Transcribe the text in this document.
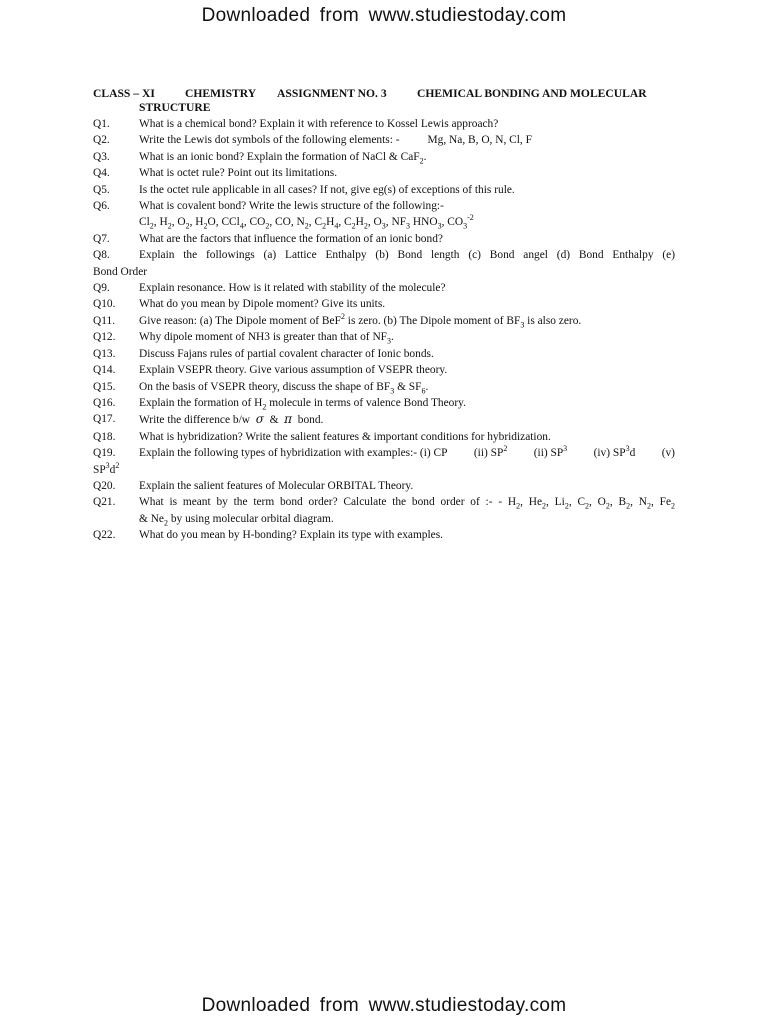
Downloaded from www.studiestoday.com
CLASS – XI	CHEMISTRY	ASSIGNMENT NO. 3	CHEMICAL BONDING AND MOLECULAR
STRUCTURE
Q1.	What is a chemical bond? Explain it with reference to Kossel Lewis approach?
Q2.	Write the Lewis dot symbols of the following elements: - Mg, Na, B, O, N, Cl, F
Q3.	What is an ionic bond? Explain the formation of NaCl & CaF$_2$.
Q4.	What is octet rule? Point out its limitations.
Q5.	Is the octet rule applicable in all cases? If not, give eg(s) of exceptions of this rule.
Q6.	What is covalent bond? Write the lewis structure of the following:-
$Cl_2$, $H_2$, $O_2$, $H_2O$, CCl$_4$, $CO_2$, CO, $N_2$, $C_2H_4$, $C_2H_2$, $O_3$, $NF_3$ $HNO_3$, $CO_3^{-2}$
Q7.	What are the factors that influence the formation of an ionic bond?
Q8.	Explain the followings (a) Lattice Enthalpy (b) Bond length (c) Bond angel (d) Bond Enthalpy (e)
Bond Order
Q9.	Explain resonance. How is it related with stability of the molecule?
Q10.	What do you mean by Dipole moment? Give its units.
Q11.	Give reason: (a) The Dipole moment of BeF$^2$ is zero. (b) The Dipole moment of $BF_3$ is also zero.
Q12.	Why dipole moment of NH3 is greater than that of $NF_3$.
Q13.	Discuss Fajans rules of partial covalent character of Ionic bonds.
Q14.	Explain VSEPR theory. Give various assumption of VSEPR theory.
Q15.	On the basis of VSEPR theory, discuss the shape of $BF_3$ & $SF_6$.
Q16.	Explain the formation of $H_2$ molecule in terms of valence Bond Theory.
Q17.	Write the difference b/w σ & π bond.
Q18.	What is hybridization? Write the salient features & important conditions for hybridization.
Q19.	Explain the following types of hybridization with examples:- (i) CP (ii) $SP^2$ (ii) $SP^3$ (iv) $SP^3d$ (v)
$SP^3d^2$
Q20.	Explain the salient features of Molecular ORBITAL Theory.
Q21.	What is meant by the term bond order? Calculate the bond order of :- - $H_2$, $He_2$, $Li_2$, $C_2$, $O_2$, $B_2$, $N_2$, $Fe_2$
& $Ne_2$ by using molecular orbital diagram.
Q22.	What do you mean by H-bonding? Explain its type with examples.
Downloaded from www.studiestoday.com
